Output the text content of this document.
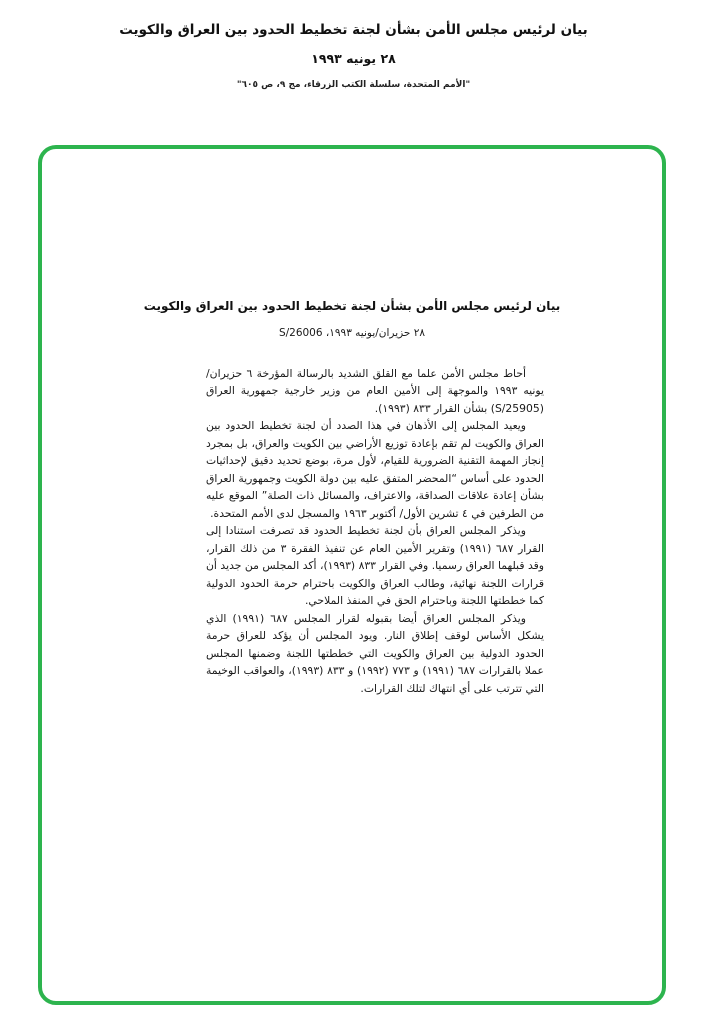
بيان لرئيس مجلس الأمن بشأن لجنة تخطيط الحدود بين العراق والكويت
٢٨ يونيه ١٩٩٣
"الأمم المتحدة، سلسلة الكتب الزرقاء، مج ٩، ص ٦٠٥"
بيان لرئيس مجلس الأمن بشأن لجنة تخطيط الحدود بين العراق والكويت
٢٨ حزيران/يونيه ١٩٩٣، S/26006

أحاط مجلس الأمن علما مع القلق الشديد بالرسالة المؤرخة ٦ حزيران/يونيه ١٩٩٣ والموجهة إلى الأمين العام من وزير خارجية جمهورية العراق (S/25905) بشأن القرار ٨٣٣ (١٩٩٣).

ويعيد المجلس إلى الأذهان في هذا الصدد أن لجنة تخطيط الحدود بين العراق والكويت لم تقم بإعادة توزيع الأراضي بين الكويت والعراق، بل بمجرد إنجاز المهمة التقنية الضرورية للقيام، لأول مرة، بوضع تحديد دقيق لإحداثيات الحدود على أساس “المحضر المتفق عليه بين دولة الكويت وجمهورية العراق بشأن إعادة علاقات الصداقة، والاعتراف، والمسائل ذات الصلة” الموقع عليه من الطرفين في ٤ تشرين الأول/ أكتوبر ١٩٦٣ والمسجل لدى الأمم المتحدة.

ويذكر المجلس العراق بأن لجنة تخطيط الحدود قد تصرفت استنادا إلى القرار ٦٨٧ (١٩٩١) وتقرير الأمين العام عن تنفيذ الفقرة ٣ من ذلك القرار، وقد قبلهما العراق رسميا. وفي القرار ٨٣٣ (١٩٩٣)، أكد المجلس من جديد أن قرارات اللجنة نهائية، وطالب العراق والكويت باحترام حرمة الحدود الدولية كما خططتها اللجنة وباحترام الحق في المنفذ الملاحي.

ويذكر المجلس العراق أيضا بقبوله لقرار المجلس ٦٨٧ (١٩٩١) الذي يشكل الأساس لوقف إطلاق النار. ويود المجلس أن يؤكد للعراق حرمة الحدود الدولية بين العراق والكويت التي خططتها اللجنة وضمنها المجلس عملا بالقرارات ٦٨٧ (١٩٩١) و ٧٧٣ (١٩٩٢) و ٨٣٣ (١٩٩٣)، والعواقب الوخيمة التي تترتب على أي انتهاك لتلك القرارات.
